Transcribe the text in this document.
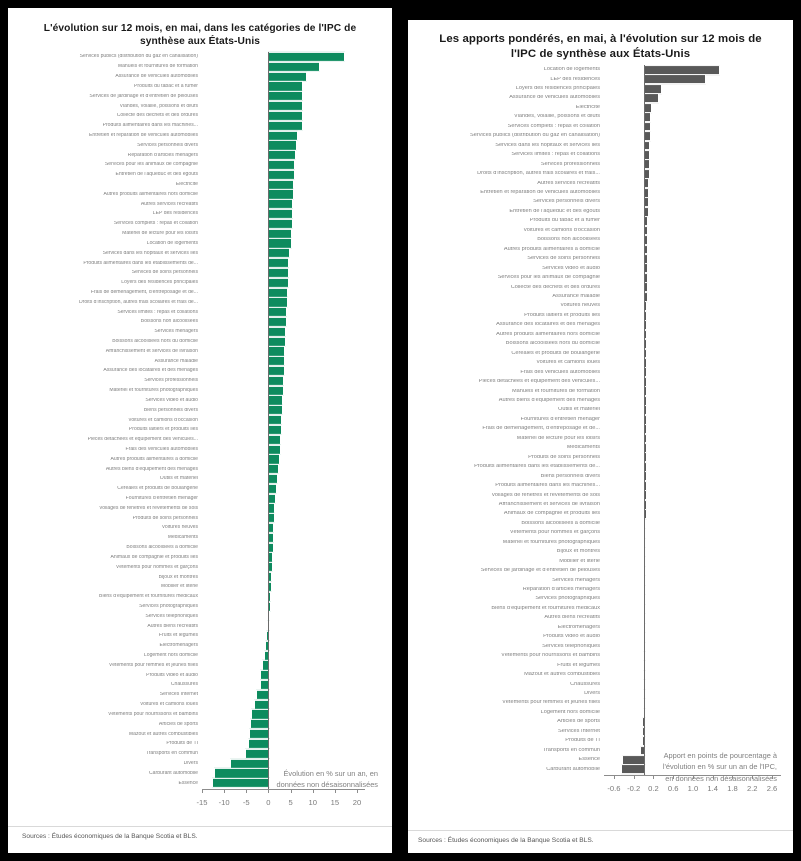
L'évolution sur 12 mois, en mai, dans les catégories de l'IPC de synthèse aux États-Unis
Services publics (distribution du gaz en canalisation)
Manuels et fournitures de formation
Assurance de véhicules automobiles
Produits du tabac et à fumer
Services de jardinage et d'entretien de pelouses
Viandes, volaille, poissons et œufs
Collecte des déchets et des ordures
Produits alimentaires dans les machines...
Entretien et réparation de véhicules automobiles
Services personnels divers
Réparation d'articles ménagers
Services pour les animaux de compagnie
Entretien de l'aqueduc et des égouts
Électricité
Autres produits alimentaires hors domicile
Autres services récréatifs
LEP des résidences
Services complets : repas et collation
Matériel de lecture pour les loisirs
Location de logements
Services dans les hôpitaux et services liés
Produits alimentaires dans les établissements de...
Services de soins personnels
Loyers des résidences principales
Frais de déménagement, d'entreposage et de...
Droits d'inscription, autres frais scolaires et frais de...
Services limités : repas et collations
Boissons non alcoolisées
Services ménagers
Boissons alcoolisées hors du domicile
Affranchissement et services de livraison
Assurance maladie
Assurance des locataires et des ménages
Services professionnels
Matériel et fournitures photographiques
Services vidéo et audio
Biens personnels divers
Voitures et camions d'occasion
Produits laitiers et produits liés
Pièces détachées et équipement des véhicules...
Frais des véhicules automobiles
Autres produits alimentaires à domicile
Autres biens d'équipement des ménages
Outils et matériel
Céréales et produits de boulangerie
Fournitures d'entretien ménager
Voilages de fenêtres et revêtements de sols
Produits de soins personnels
Voitures neuves
Médicaments
Boissons alcoolisées à domicile
Animaux de compagnie et produits liés
Vêtements pour hommes et garçons
Bijoux et montres
Mobilier et literie
Biens d'équipement et fournitures médicaux
Services photographiques
Services téléphoniques
Autres biens récréatifs
Fruits et légumes
Électroménagers
Logement hors domicile
Vêtements pour femmes et jeunes filles
Produits vidéo et audio
Chaussures
Services Internet
Voitures et camions loués
Vêtements pour nourrissons et bambins
Articles de sports
Mazout et autres combustibles
Produits de TI
Transports en commun
Divers
Carburant automobile
Essence
-15 -10 -5 0 5 10 15 20
Évolution en % sur un an, en données non désaisonnalisées
Sources : Études économiques de la Banque Scotia et BLS.
Les apports pondérés, en mai, à l'évolution sur 12 mois de l'IPC de synthèse aux États-Unis
Location de logements
LEP des résidences
Loyers des résidences principales
Assurance de véhicules automobiles
Électricité
Viandes, volaille, poissons et œufs
Services complets : repas et collation
Services publics (distribution du gaz en canalisation)
Services dans les hôpitaux et services liés
Services limités : repas et collations
Services professionnels
Droits d'inscription, autres frais scolaires et frais...
Autres services récréatifs
Entretien et réparation de véhicules automobiles
Services personnels divers
Entretien de l'aqueduc et des égouts
Produits du tabac et à fumer
Voitures et camions d'occasion
Boissons non alcoolisées
Autres produits alimentaires à domicile
Services de soins personnels
Services vidéo et audio
Services pour les animaux de compagnie
Collecte des déchets et des ordures
Assurance maladie
Voitures neuves
Produits laitiers et produits liés
Assurance des locataires et des ménages
Autres produits alimentaires hors domicile
Boissons alcoolisées hors du domicile
Céréales et produits de boulangerie
Voitures et camions loués
Frais des véhicules automobiles
Pièces détachées et équipement des véhicules...
Manuels et fournitures de formation
Autres biens d'équipement des ménages
Outils et matériel
Fournitures d'entretien ménager
Frais de déménagement, d'entreposage et de...
Matériel de lecture pour les loisirs
Médicaments
Produits de soins personnels
Produits alimentaires dans les établissements de...
Biens personnels divers
Produits alimentaires dans les machines...
Voilages de fenêtres et revêtements de sols
Affranchissement et services de livraison
Animaux de compagnie et produits liés
Boissons alcoolisées à domicile
Vêtements pour hommes et garçons
Matériel et fournitures photographiques
Bijoux et montres
Mobilier et literie
Services de jardinage et d'entretien de pelouses
Services ménagers
Réparation d'articles ménagers
Services photographiques
Biens d'équipement et fournitures médicaux
Autres biens récréatifs
Électroménagers
Produits vidéo et audio
Services téléphoniques
Vêtements pour nourrissons et bambins
Fruits et légumes
Mazout et autres combustibles
Chaussures
Divers
Vêtements pour femmes et jeunes filles
Logement hors domicile
Articles de sports
Services Internet
Produits de TI
Transports en commun
Essence
Carburant automobile
-0.6 -0.2 0.2 0.6 1.0 1.4 1.8 2.2 2.6
Apport en points de pourcentage à l'évolution en % sur un an de l'IPC, en données non désaisonnalisées
Sources : Études économiques de la Banque Scotia et BLS.
